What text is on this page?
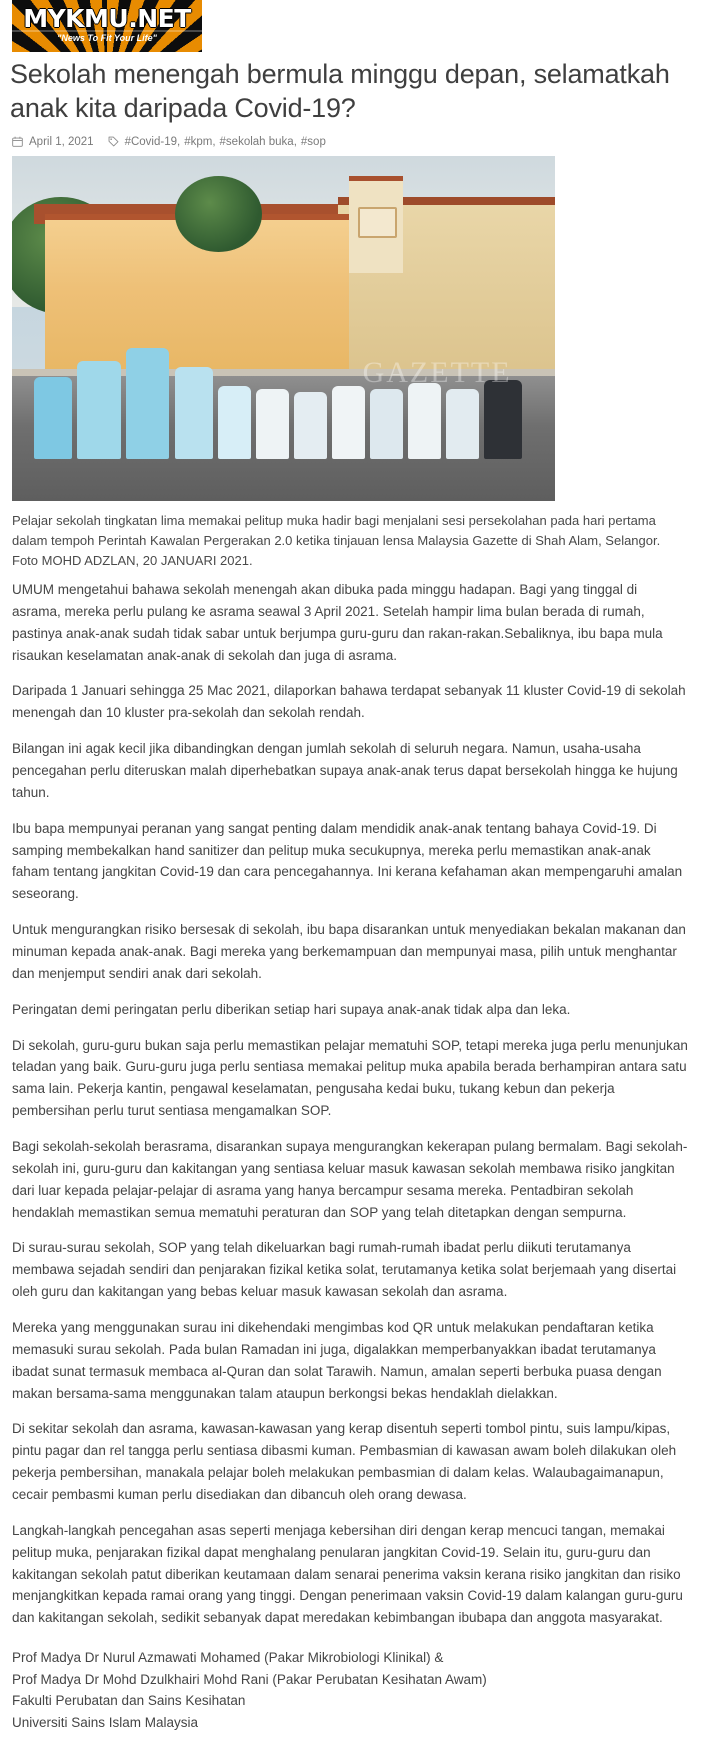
MYKMU.NET
"News To Fit Your Life"
Sekolah menengah bermula minggu depan, selamatkah anak kita daripada Covid-19?
April 1, 2021	#Covid-19, #kpm, #sekolah buka, #sop
GAZETTE
Pelajar sekolah tingkatan lima memakai pelitup muka hadir bagi menjalani sesi persekolahan pada hari pertama dalam tempoh Perintah Kawalan Pergerakan 2.0 ketika tinjauan lensa Malaysia Gazette di Shah Alam, Selangor. Foto MOHD ADZLAN, 20 JANUARI 2021.

UMUM mengetahui bahawa sekolah menengah akan dibuka pada minggu hadapan. Bagi yang tinggal di asrama, mereka perlu pulang ke asrama seawal 3 April 2021. Setelah hampir lima bulan berada di rumah, pastinya anak-anak sudah tidak sabar untuk berjumpa guru-guru dan rakan-rakan.Sebaliknya, ibu bapa mula risaukan keselamatan anak-anak di sekolah dan juga di asrama.

Daripada 1 Januari sehingga 25 Mac 2021, dilaporkan bahawa terdapat sebanyak 11 kluster Covid-19 di sekolah menengah dan 10 kluster pra-sekolah dan sekolah rendah.

Bilangan ini agak kecil jika dibandingkan dengan jumlah sekolah di seluruh negara. Namun, usaha-usaha pencegahan perlu diteruskan malah diperhebatkan supaya anak-anak terus dapat bersekolah hingga ke hujung tahun.

Ibu bapa mempunyai peranan yang sangat penting dalam mendidik anak-anak tentang bahaya Covid-19. Di samping membekalkan hand sanitizer dan pelitup muka secukupnya, mereka perlu memastikan anak-anak faham tentang jangkitan Covid-19 dan cara pencegahannya. Ini kerana kefahaman akan mempengaruhi amalan seseorang.

Untuk mengurangkan risiko bersesak di sekolah, ibu bapa disarankan untuk menyediakan bekalan makanan dan minuman kepada anak-anak. Bagi mereka yang berkemampuan dan mempunyai masa, pilih untuk menghantar dan menjemput sendiri anak dari sekolah.

Peringatan demi peringatan perlu diberikan setiap hari supaya anak-anak tidak alpa dan leka.

Di sekolah, guru-guru bukan saja perlu memastikan pelajar mematuhi SOP, tetapi mereka juga perlu menunjukan teladan yang baik. Guru-guru juga perlu sentiasa memakai pelitup muka apabila berada berhampiran antara satu sama lain. Pekerja kantin, pengawal keselamatan, pengusaha kedai buku, tukang kebun dan pekerja pembersihan perlu turut sentiasa mengamalkan SOP.

Bagi sekolah-sekolah berasrama, disarankan supaya mengurangkan kekerapan pulang bermalam. Bagi sekolah-sekolah ini, guru-guru dan kakitangan yang sentiasa keluar masuk kawasan sekolah membawa risiko jangkitan dari luar kepada pelajar-pelajar di asrama yang hanya bercampur sesama mereka. Pentadbiran sekolah hendaklah memastikan semua mematuhi peraturan dan SOP yang telah ditetapkan dengan sempurna.

Di surau-surau sekolah, SOP yang telah dikeluarkan bagi rumah-rumah ibadat perlu diikuti terutamanya membawa sejadah sendiri dan penjarakan fizikal ketika solat, terutamanya ketika solat berjemaah yang disertai oleh guru dan kakitangan yang bebas keluar masuk kawasan sekolah dan asrama.

Mereka yang menggunakan surau ini dikehendaki mengimbas kod QR untuk melakukan pendaftaran ketika memasuki surau sekolah. Pada bulan Ramadan ini juga, digalakkan memperbanyakkan ibadat terutamanya ibadat sunat termasuk membaca al-Quran dan solat Tarawih. Namun, amalan seperti berbuka puasa dengan makan bersama-sama menggunakan talam ataupun berkongsi bekas hendaklah dielakkan.

Di sekitar sekolah dan asrama, kawasan-kawasan yang kerap disentuh seperti tombol pintu, suis lampu/kipas, pintu pagar dan rel tangga perlu sentiasa dibasmi kuman. Pembasmian di kawasan awam boleh dilakukan oleh pekerja pembersihan, manakala pelajar boleh melakukan pembasmian di dalam kelas. Walaubagaimanapun, cecair pembasmi kuman perlu disediakan dan dibancuh oleh orang dewasa.

Langkah-langkah pencegahan asas seperti menjaga kebersihan diri dengan kerap mencuci tangan, memakai pelitup muka, penjarakan fizikal dapat menghalang penularan jangkitan Covid-19. Selain itu, guru-guru dan kakitangan sekolah patut diberikan keutamaan dalam senarai penerima vaksin kerana risiko jangkitan dan risiko menjangkitkan kepada ramai orang yang tinggi. Dengan penerimaan vaksin Covid-19 dalam kalangan guru-guru dan kakitangan sekolah, sedikit sebanyak dapat meredakan kebimbangan ibubapa dan anggota masyarakat.

Prof Madya Dr Nurul Azmawati Mohamed (Pakar Mikrobiologi Klinikal) &
Prof Madya Dr Mohd Dzulkhairi Mohd Rani (Pakar Perubatan Kesihatan Awam)
Fakulti Perubatan dan Sains Kesihatan
Universiti Sains Islam Malaysia
